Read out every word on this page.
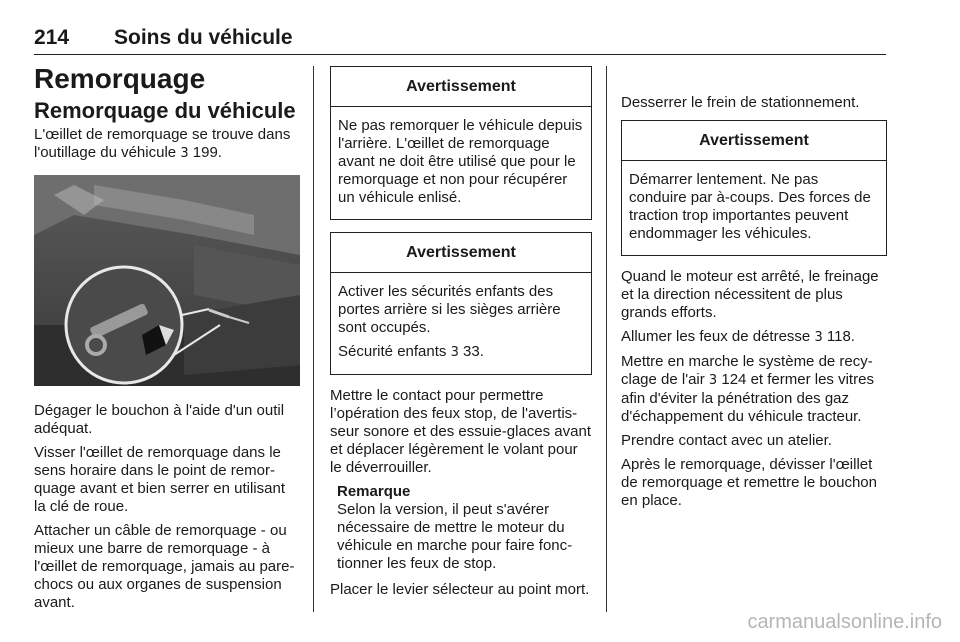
214 Soins du véhicule
Remorquage
Remorquage du véhicule

L'œillet de remorquage se trouve dans l'outillage du véhicule 3 199.

Dégager le bouchon à l'aide d'un outil adéquat.

Visser l'œillet de remorquage dans le sens horaire dans le point de remorquage avant et bien serrer en utilisant la clé de roue.

Attacher un câble de remorquage - ou mieux une barre de remorquage - à l'œillet de remorquage, jamais au pare-chocs ou aux organes de suspension avant.

Avertissement

Ne pas remorquer le véhicule depuis l'arrière. L'œillet de remorquage avant ne doit être utilisé que pour le remorquage et non pour récupérer un véhicule enlisé.

Avertissement

Activer les sécurités enfants des portes arrière si les sièges arrière sont occupés.

Sécurité enfants 3 33.

Mettre le contact pour permettre l’opération des feux stop, de l'avertisseur sonore et des essuie-glaces avant et déplacer légèrement le volant pour le déverrouiller.

Remarque
Selon la version, il peut s'avérer nécessaire de mettre le moteur du véhicule en marche pour faire fonctionner les feux de stop.

Placer le levier sélecteur au point mort.

Desserrer le frein de stationnement.

Avertissement

Démarrer lentement. Ne pas conduire par à-coups. Des forces de traction trop importantes peuvent endommager les véhicules.

Quand le moteur est arrêté, le freinage et la direction nécessitent de plus grands efforts.

Allumer les feux de détresse 3 118.

Mettre en marche le système de recyclage de l'air 3 124 et fermer les vitres afin d'éviter la pénétration des gaz d'échappement du véhicule tracteur.

Prendre contact avec un atelier.

Après le remorquage, dévisser l'œillet de remorquage et remettre le bouchon en place.

carmanualsonline.info
